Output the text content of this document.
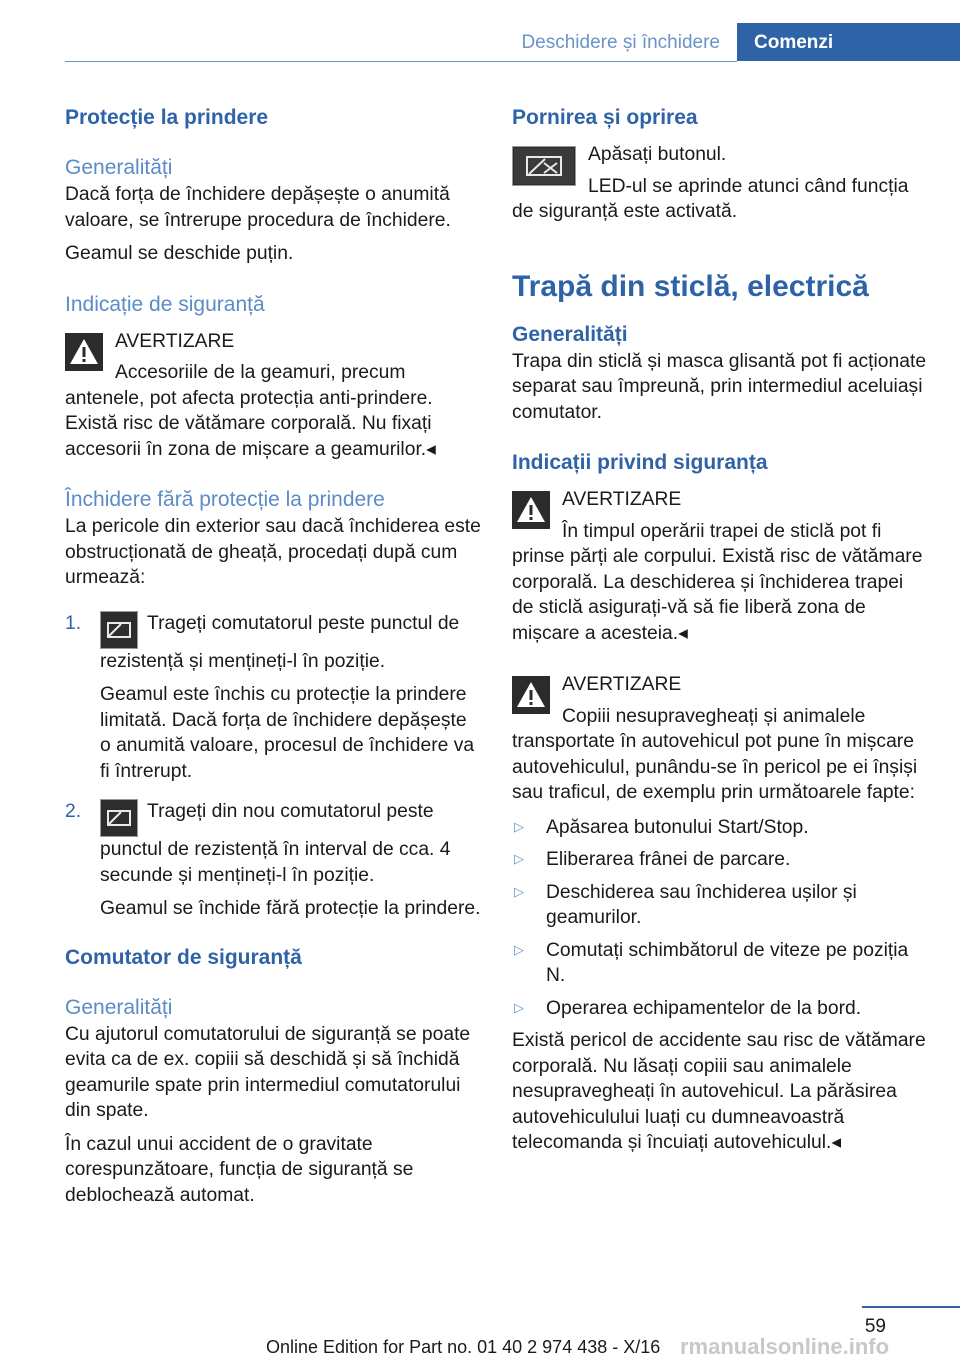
Deschidere și închidere	Comenzi
Protecție la prindere
Generalități

Dacă forța de închidere depășește o anumită valoare, se întrerupe procedura de închidere.

Geamul se deschide puțin.

Indicație de siguranță

AVERTIZARE

Accesoriile de la geamuri, precum antenele, pot afecta protecția anti-prindere. Există risc de vătămare corporală. Nu fixați accesorii în zona de mișcare a geamurilor.◂

Închidere fără protecție la prindere

La pericole din exterior sau dacă închiderea este obstrucționată de gheață, procedați după cum urmează:

1.	Trageți comutatorul peste punctul de rezistență și mențineți-l în poziție.

Geamul este închis cu protecție la prindere limitată. Dacă forța de închidere depășește o anumită valoare, procesul de închidere va fi întrerupt.

2.	Trageți din nou comutatorul peste punctul de rezistență în interval de cca. 4 secunde și mențineți-l în poziție.

Geamul se închide fără protecție la prindere.

Comutator de siguranță
Generalități

Cu ajutorul comutatorului de siguranță se poate evita ca de ex. copiii să deschidă și să închidă geamurile spate prin intermediul comutatorului din spate.

În cazul unui accident de o gravitate corespunzătoare, funcția de siguranță se deblochează automat.

Pornirea și oprirea

Apăsați butonul.

LED-ul se aprinde atunci când funcția de siguranță este activată.

Trapă din sticlă, electrică
Generalități

Trapa din sticlă și masca glisantă pot fi acționate separat sau împreună, prin intermediul aceluiași comutator.

Indicații privind siguranța

AVERTIZARE

În timpul operării trapei de sticlă pot fi prinse părți ale corpului. Există risc de vătămare corporală. La deschiderea și închiderea trapei de sticlă asigurați-vă să fie liberă zona de mișcare a acesteia.◂

AVERTIZARE

Copiii nesupravegheați și animalele transportate în autovehicul pot pune în mișcare autovehiculul, punându-se în pericol pe ei înșiși sau traficul, de exemplu prin următoarele fapte:

▷ Apăsarea butonului Start/Stop.

▷ Eliberarea frânei de parcare.

▷ Deschiderea sau închiderea ușilor și geamurilor.

▷ Comutați schimbătorul de viteze pe poziția N.

▷ Operarea echipamentelor de la bord.

Există pericol de accidente sau risc de vătămare corporală. Nu lăsați copiii sau animalele nesupravegheați în autovehicul. La părăsirea autovehiculului luați cu dumneavoastră telecomanda și încuiați autovehiculul.◂

59
Online Edition for Part no. 01 40 2 974 438 - X/16 rmanualsonline.info
